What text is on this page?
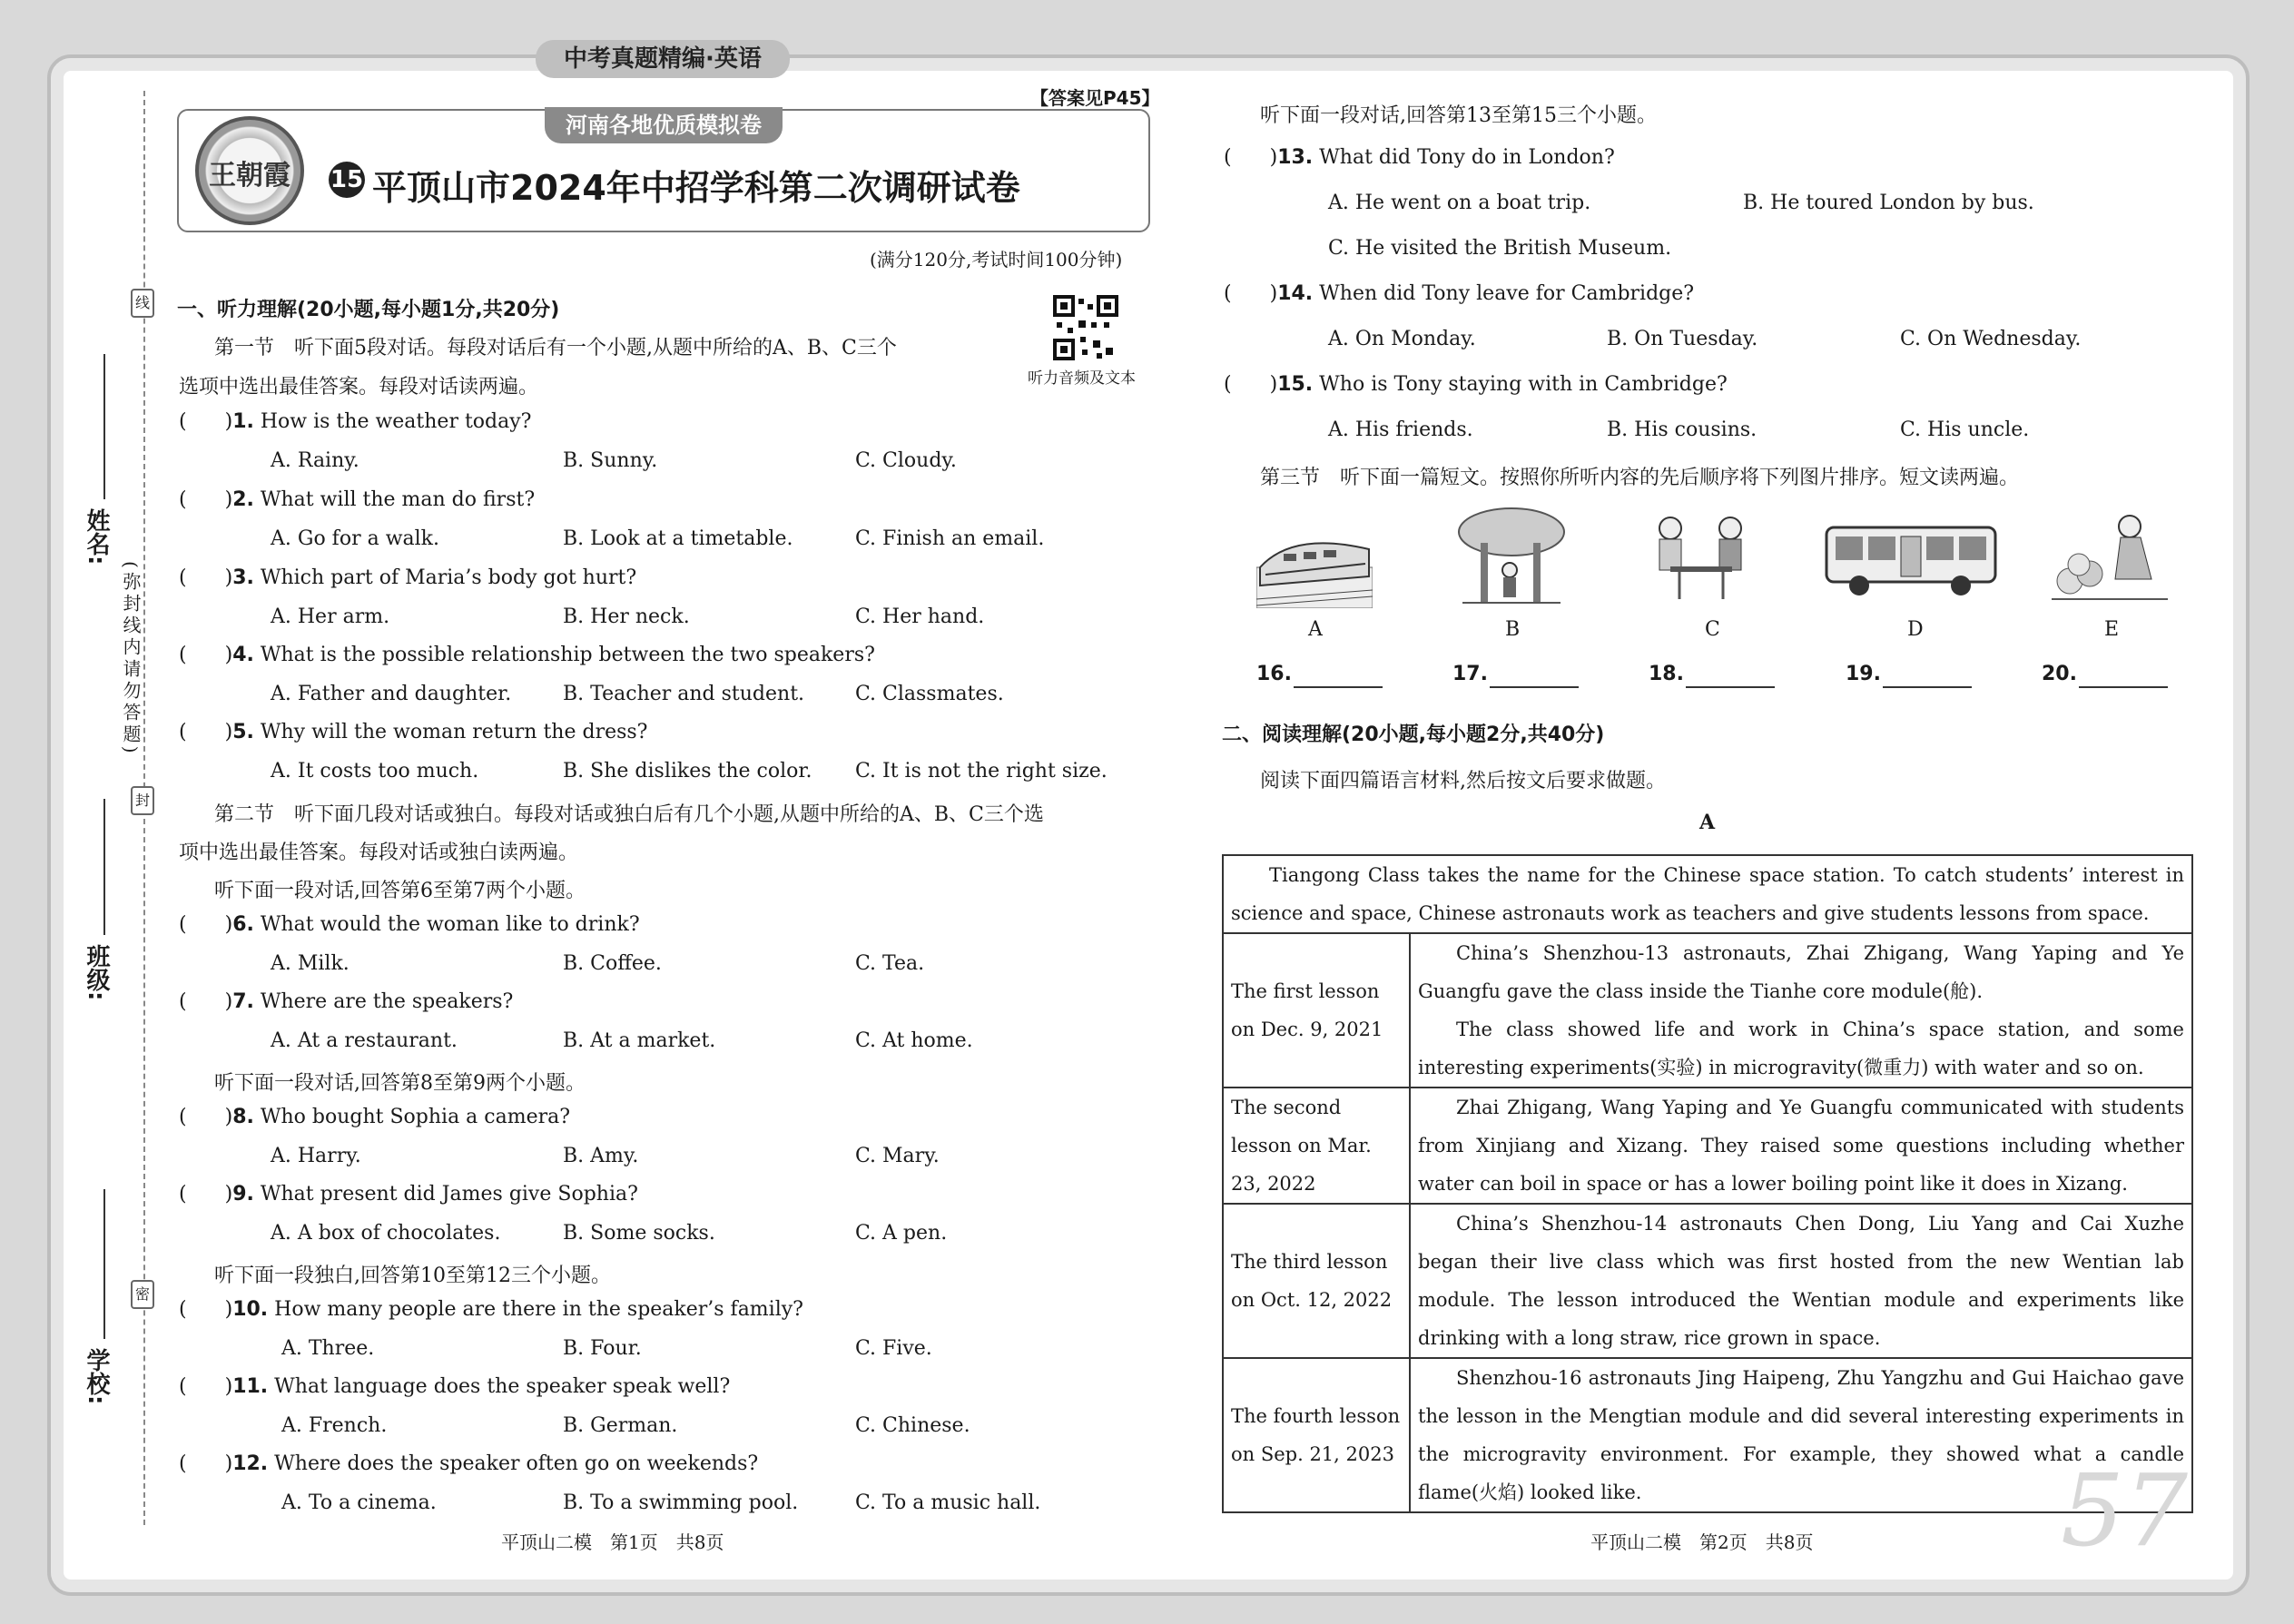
中考真题精编·英语
线
封
密
姓名:
班级:
学校:
(弥封线内请勿答题)
【答案见P45】
河南各地优质模拟卷
王朝霞	15 平顶山市2024年中招学科第二次调研试卷
(满分120分,考试时间100分钟)
听力音频及文本
一、听力理解(20小题,每小题1分,共20分)
第一节　听下面5段对话。每段对话后有一个小题,从题中所给的A、B、C三个
选项中选出最佳答案。每段对话读两遍。
( )1. How is the weather today?
A. Rainy.	B. Sunny.	C. Cloudy.
( )2. What will the man do first?
A. Go for a walk.	B. Look at a timetable.	C. Finish an email.
( )3. Which part of Maria’s body got hurt?
A. Her arm.	B. Her neck.	C. Her hand.
( )4. What is the possible relationship between the two speakers?
A. Father and daughter.	B. Teacher and student.	C. Classmates.
( )5. Why will the woman return the dress?
A. It costs too much.	B. She dislikes the color. C. It is not the right size.
第二节　听下面几段对话或独白。每段对话或独白后有几个小题,从题中所给的A、B、C三个选
项中选出最佳答案。每段对话或独白读两遍。
听下面一段对话,回答第6至第7两个小题。
( )6. What would the woman like to drink?
A. Milk.	B. Coffee.	C. Tea.
( )7. Where are the speakers?
A. At a restaurant.	B. At a market.	C. At home.
听下面一段对话,回答第8至第9两个小题。
( )8. Who bought Sophia a camera?
A. Harry.	B. Amy.	C. Mary.
( )9. What present did James give Sophia?
A. A box of chocolates.	B. Some socks.	C. A pen.
听下面一段独白,回答第10至第12三个小题。
( )10. How many people are there in the speaker’s family?
A. Three.	B. Four.	C. Five.
( )11. What language does the speaker speak well?
A. French.	B. German.	C. Chinese.
( )12. Where does the speaker often go on weekends?
A. To a cinema.	B. To a swimming pool.	C. To a music hall.
平顶山二模　第1页　共8页
听下面一段对话,回答第13至第15三个小题。
( )13. What did Tony do in London?
A. He went on a boat trip.	B. He toured London by bus.
C. He visited the British Museum.
( )14. When did Tony leave for Cambridge?
A. On Monday.	B. On Tuesday.	C. On Wednesday.
( )15. Who is Tony staying with in Cambridge?
A. His friends.	B. His cousins.	C. His uncle.
第三节　听下面一篇短文。按照你所听内容的先后顺序将下列图片排序。短文读两遍。
A	B	C	D	E
16.	17.	18.	19.	20.
二、阅读理解(20小题,每小题2分,共40分)
阅读下面四篇语言材料,然后按文后要求做题。
A
Tiangong Class takes the name for the Chinese space station. To catch students’ interest in science and space, Chinese astronauts work as teachers and give students lessons from space.	
The first lesson on Dec. 9, 2021	China’s Shenzhou-13 astronauts, Zhai Zhigang, Wang Yaping and Ye Guangfu gave the class inside the Tianhe core module(舱).
The class showed life and work in China’s space station, and some interesting experiments(实验) in microgravity(微重力) with water and so on.

The second lesson on Mar. 23, 2022	Zhai Zhigang, Wang Yaping and Ye Guangfu communicated with students from Xinjiang and Xizang. They raised some questions including whether water can boil in space or has a lower boiling point like it does in Xizang.
The third lesson on Oct. 12, 2022	China’s Shenzhou-14 astronauts Chen Dong, Liu Yang and Cai Xuzhe began their live class which was first hosted from the new Wentian lab module. The lesson introduced the Wentian module and experiments like drinking with a long straw, rice grown in space.
The fourth lesson on Sep. 21, 2023	Shenzhou-16 astronauts Jing Haipeng, Zhu Yangzhu and Gui Haichao gave the lesson in the Mengtian module and did several interesting experiments in the microgravity environment. For example, they showed what a candle flame(火焰) looked like.	57
平顶山二模　第2页　共8页
